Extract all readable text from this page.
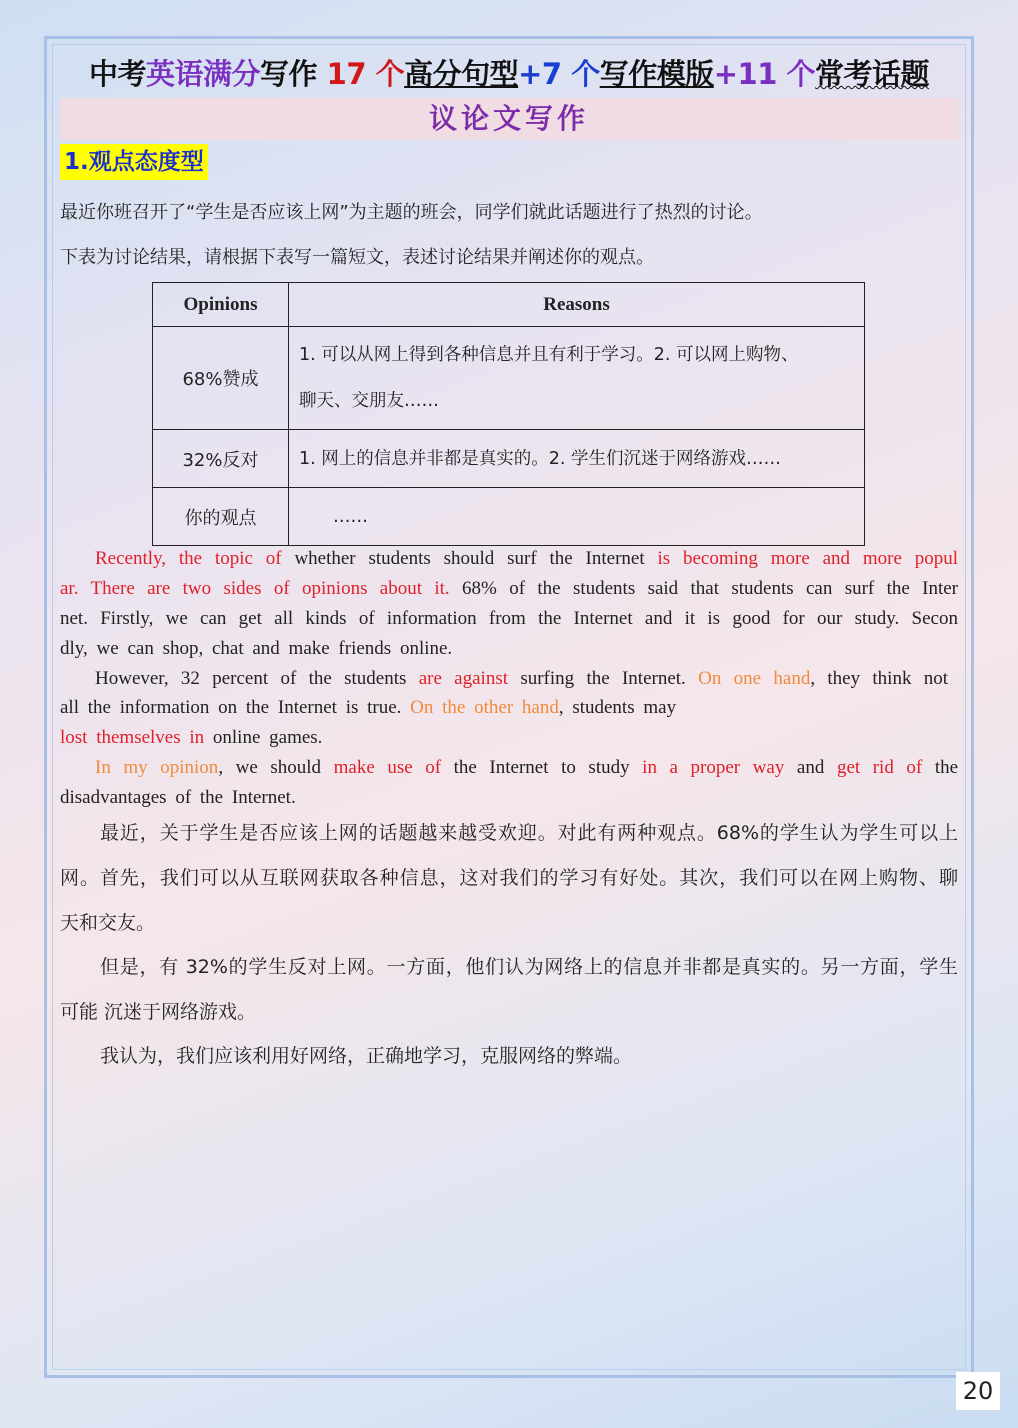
中考英语满分写作 17 个高分句型+7 个写作模版+11 个常考话题
议论文写作
1.观点态度型
最近你班召开了“学生是否应该上网”为主题的班会，同学们就此话题进行了热烈的讨论。
下表为讨论结果，请根据下表写一篇短文，表述讨论结果并阐述你的观点。
Opinions	Reasons
68%赞成	1. 可以从网上得到各种信息并且有利于学习。2. 可以网上购物、
聊天、交朋友……

32%反对	1. 网上的信息并非都是真实的。2. 学生们沉迷于网络游戏……

你的观点	……
Recently, the topic of whether students should surf the Internet is becoming more and more popul
ar. There are two sides of opinions about it. 68% of the students said that students can surf the Inter
net. Firstly, we can get all kinds of information from the Internet and it is good for our study. Secon
dly, we can shop, chat and make friends online.
However, 32 percent of the students are against surfing the Internet. On one hand, they think not
all the information on the Internet is true. On the other hand, students may
lost themselves in online games.
In my opinion, we should make use of the Internet to study in a proper way and get rid of the
disadvantages of the Internet.
最近，关于学生是否应该上网的话题越来越受欢迎。对此有两种观点。68%的学生认为学生可以上
网。首先，我们可以从互联网获取各种信息，这对我们的学习有好处。其次，我们可以在网上购物、聊
天和交友。
但是，有 32%的学生反对上网。一方面，他们认为网络上的信息并非都是真实的。另一方面，学生
可能 沉迷于网络游戏。
我认为，我们应该利用好网络，正确地学习，克服网络的弊端。
20
